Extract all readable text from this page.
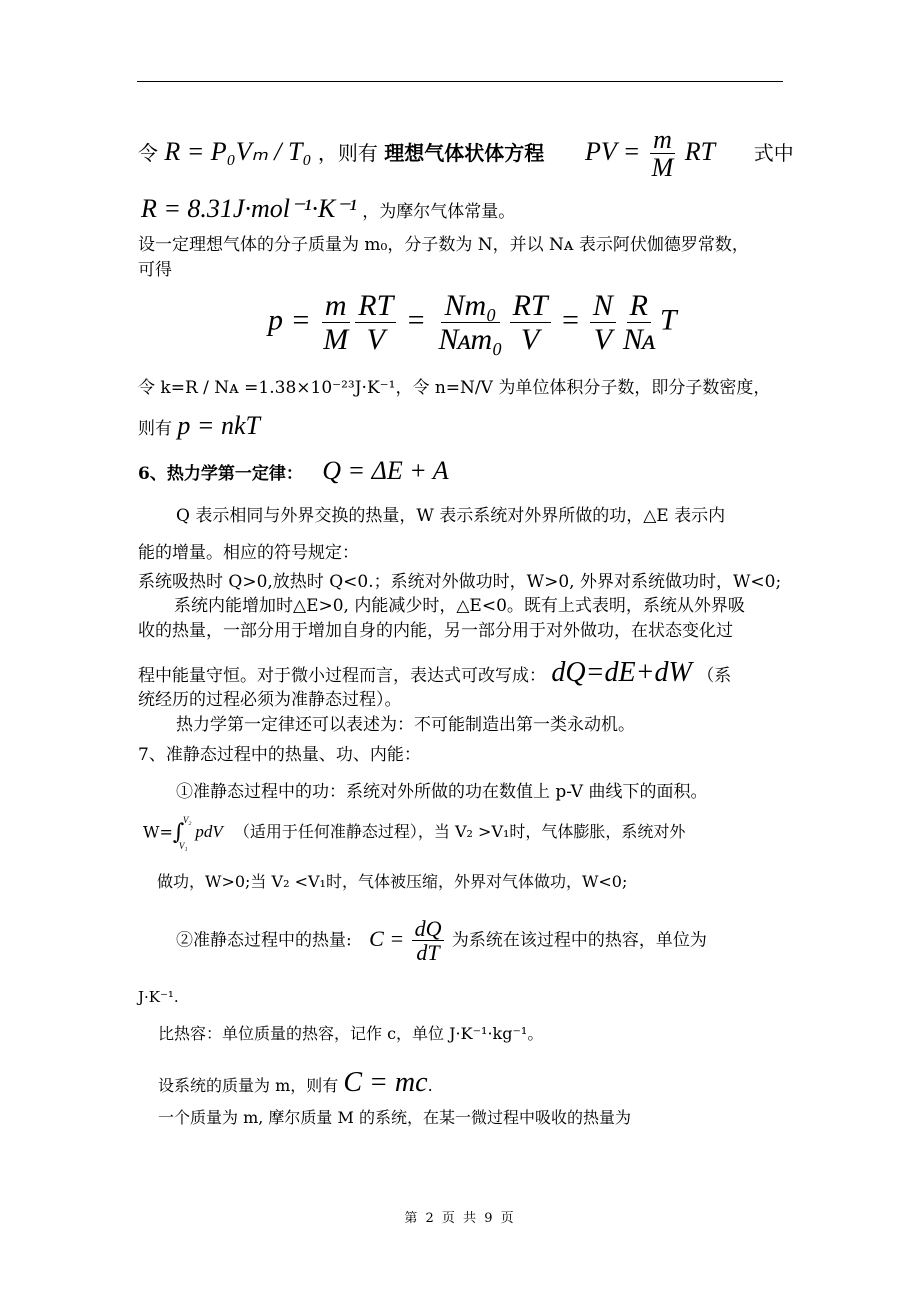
令 R = P₀Vₘ / T₀ ，则有 理想气体状体方程 PV = $\frac{m}{M}$ RT 式中
R = 8.31J·mol⁻¹·K⁻¹ ，为摩尔气体常量。
设一定理想气体的分子质量为 m₀，分子数为 N，并以 Nᴀ 表示阿伏伽德罗常数，
可得
$p = \frac{m}{M} \frac{RT}{V} = \frac{\text{Nm₀}}{\text{Nᴀm₀}} \frac{RT}{V} = \frac{N}{V} \frac{R}{\text{Nᴀ}}$ T
令 k=R / Nᴀ =1.38×10⁻²³J·K⁻¹，令 n=N/V 为单位体积分子数，即分子数密度，
则有 p = nkT
6、热力学第一定律： Q = ΔE + A
Q 表示相同与外界交换的热量，W 表示系统对外界所做的功，△E 表示内
能的增量。相应的符号规定：
系统吸热时 Q>0,放热时 Q<0.；系统对外做功时，W>0, 外界对系统做功时，W<0;
系统内能增加时△E>0, 内能减少时，△E<0。既有上式表明，系统从外界吸
收的热量，一部分用于增加自身的内能，另一部分用于对外做功，在状态变化过
程中能量守恒。对于微小过程而言，表达式可改写成： dQ=dE+dW （系
统经历的过程必须为准静态过程）。
热力学第一定律还可以表述为：不可能制造出第一类永动机。
7、准静态过程中的热量、功、内能：
①准静态过程中的功：系统对外所做的功在数值上 p-V 曲线下的面积。
W=∫
V₂
V₁
pdV （适用于任何准静态过程），当 V₂ >V₁时，气体膨胀，系统对外
做功，W>0;当 V₂ <V₁时，气体被压缩，外界对气体做功，W<0;
②准静态过程中的热量: $C = \frac{dQ}{dT}$ 为系统在该过程中的热容，单位为
J·K⁻¹.
比热容：单位质量的热容，记作 c，单位 J·K⁻¹·kg⁻¹。
设系统的质量为 m，则有 C = mc.
一个质量为 m, 摩尔质量 M 的系统，在某一微过程中吸收的热量为
第 2 页 共 9 页
